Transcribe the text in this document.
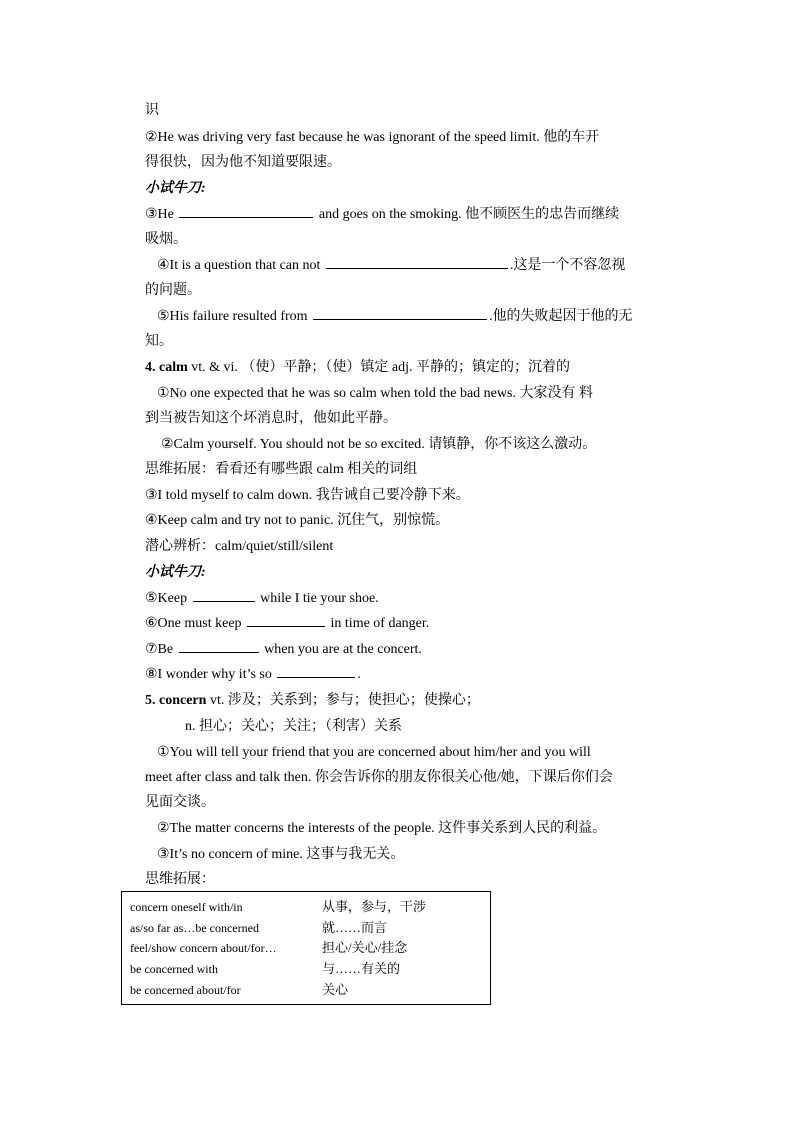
识
②He was driving very fast because he was ignorant of the speed limit. 他的车开
得很快，因为他不知道要限速。
小试牛刀:
③He	and goes on the smoking. 他不顾医生的忠告而继续
吸烟。
④It is a question that can not	.这是一个不容忽视
的问题。
⑤His failure resulted from	.他的失败起因于他的无
知。
4. calm vt. & vi. （使）平静；（使）镇定 adj. 平静的；镇定的；沉着的
①No one expected that he was so calm when told the bad news. 大家没有 料
到当被告知这个坏消息时，他如此平静。
②Calm yourself. You should not be so excited. 请镇静，你不该这么激动。
思维拓展：看看还有哪些跟 calm 相关的词组
③I told myself to calm down. 我告诫自己要冷静下来。
④Keep calm and try not to panic. 沉住气，别惊慌。
潜心辨析：calm/quiet/still/silent
小试牛刀:
⑤Keep	while I tie your shoe.
⑥One must keep	in time of danger.
⑦Be	when you are at the concert.
⑧I wonder why it’s so	.
5. concern vt. 涉及；关系到；参与；使担心；使操心；
n. 担心；关心；关注；（利害）关系
①You will tell your friend that you are concerned about him/her and you will
meet after class and talk then. 你会告诉你的朋友你很关心他/她，下课后你们会
见面交谈。
②The matter concerns the interests of the people. 这件事关系到人民的利益。
③It’s no concern of mine. 这事与我无关。
思维拓展：
concern oneself with/in	从事，参与，干涉
as/so far as…be concerned	就……而言
feel/show concern about/for…	担心/关心/挂念
be concerned with	与……有关的
be concerned about/for	关心
